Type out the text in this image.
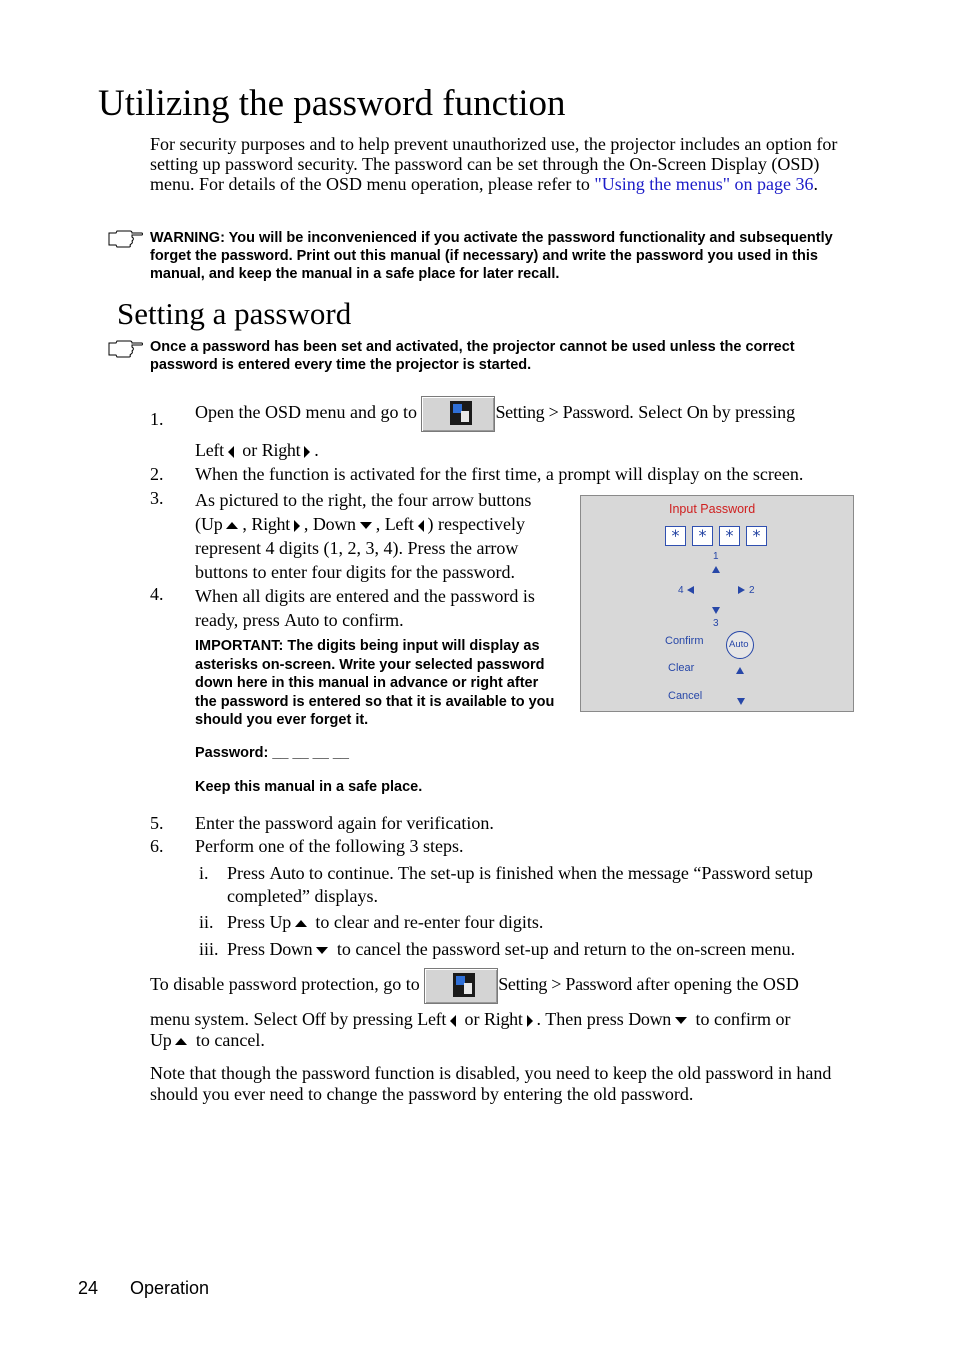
Utilizing the password function
For security purposes and to help prevent unauthorized use, the projector includes an option for setting up password security. The password can be set through the On-Screen Display (OSD) menu. For details of the OSD menu operation, please refer to "Using the menus" on page 36.
WARNING: You will be inconvenienced if you activate the password functionality and subsequently forget the password. Print out this manual (if necessary) and write the password you used in this manual, and keep the manual in a safe place for later recall.
Setting a password
Once a password has been set and activated, the projector cannot be used unless the correct password is entered every time the projector is started.
1. Open the OSD menu and go to	Setting > Password. Select On by pressing
Left or Right .
2. When the function is activated for the first time, a prompt will display on the screen.
3. As pictured to the right, the four arrow buttons
(Up , Right , Down , Left ) respectively
represent 4 digits (1, 2, 3, 4). Press the arrow
buttons to enter four digits for the password.
4. When all digits are entered and the password is
ready, press Auto to confirm.
IMPORTANT: The digits being input will display as asterisks on-screen. Write your selected password down here in this manual in advance or right after the password is entered so that it is available to you should you ever forget it.
Password: __ __ __ __
Keep this manual in a safe place.
Input Password
*	*	*	*
1
4	2
3
Confirm	Auto
Clear
Cancel
5. Enter the password again for verification.
6. Perform one of the following 3 steps.
i. Press Auto to continue. The set-up is finished when the message “Password setup
completed” displays.
ii. Press Up to clear and re-enter four digits.
iii. Press Down to cancel the password set-up and return to the on-screen menu.
To disable password protection, go to	Setting > Password after opening the OSD
menu system. Select Off by pressing Left or Right . Then press Down to confirm or
Up to cancel.
Note that though the password function is disabled, you need to keep the old password in hand should you ever need to change the password by entering the old password.
24 Operation
